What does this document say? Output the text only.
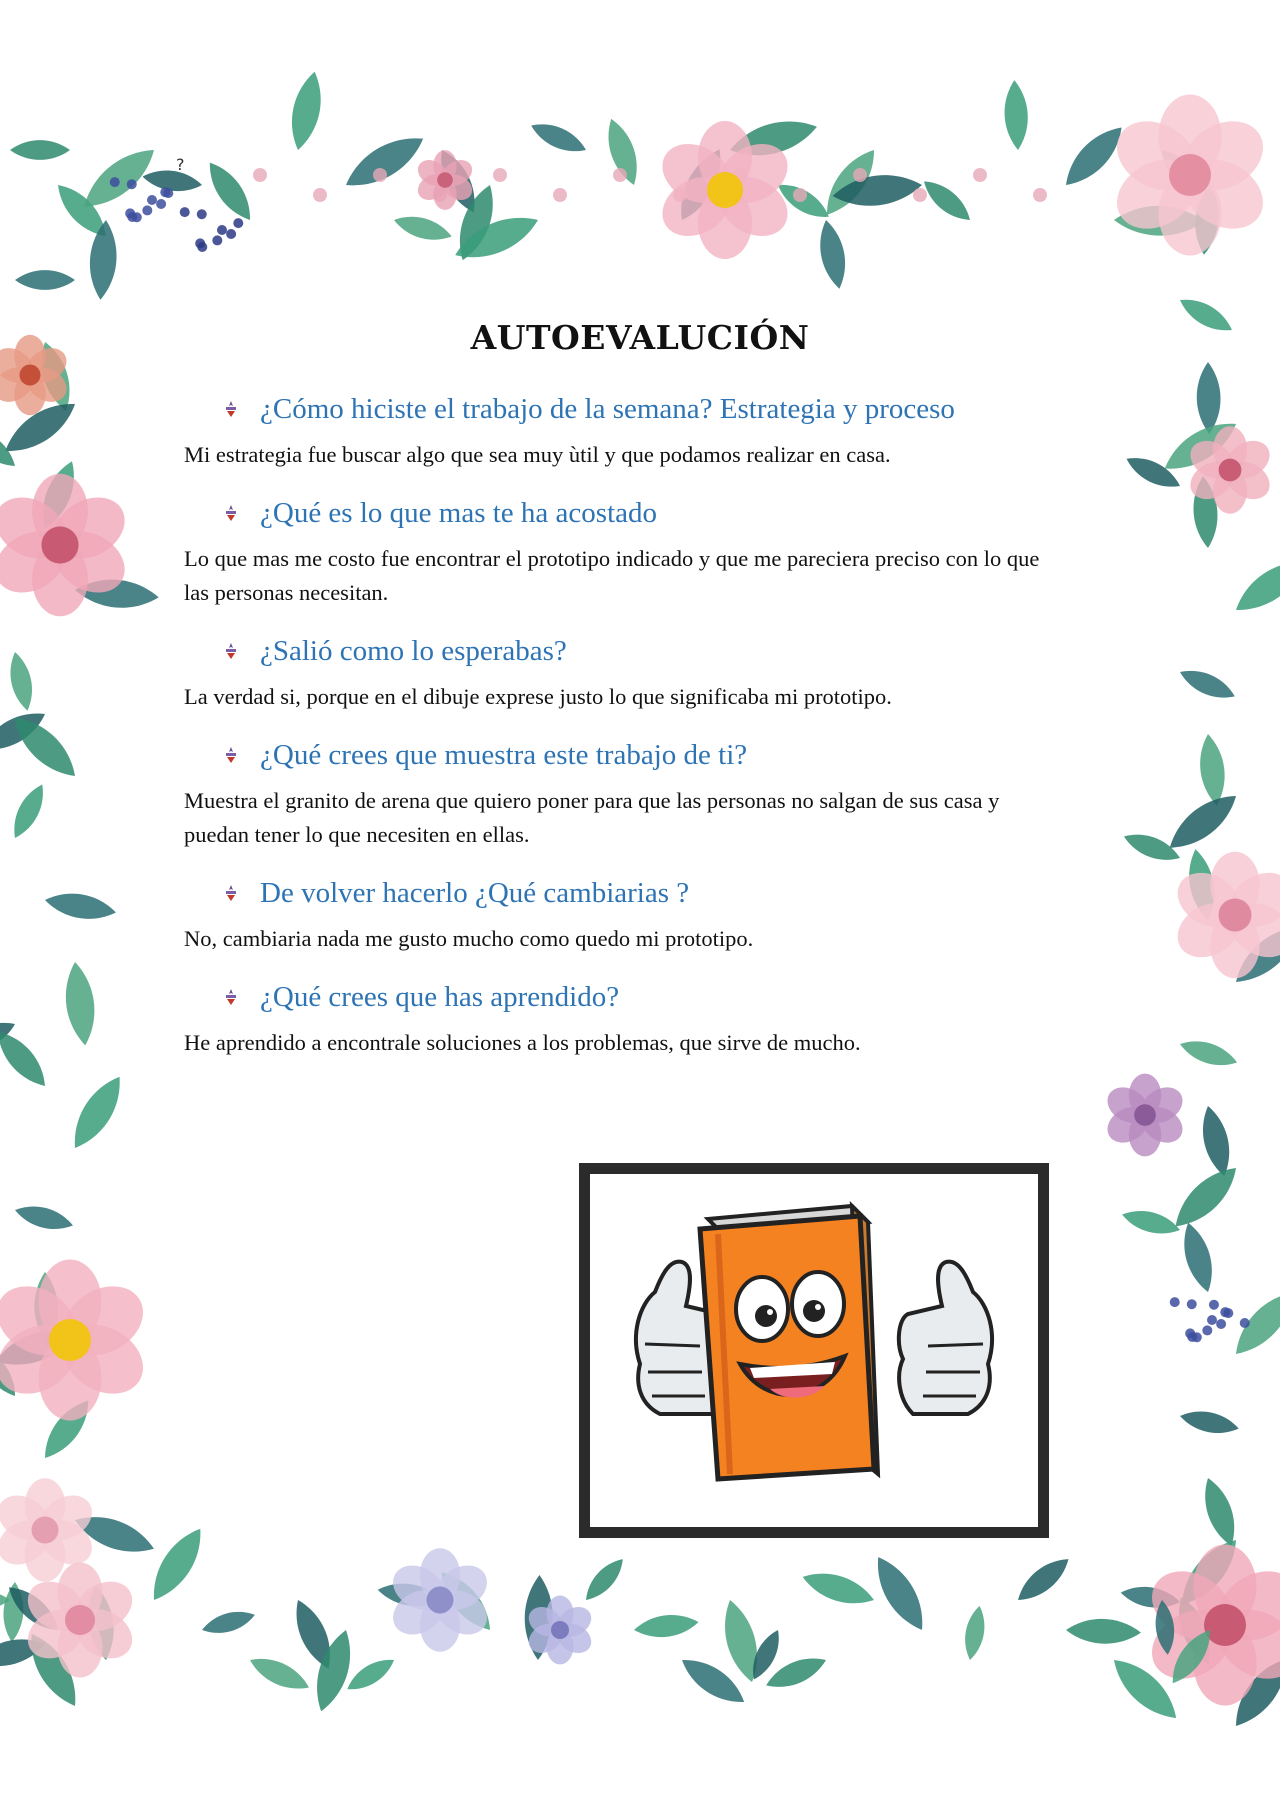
?
AUTOEVALUCIÓN
¿Cómo hiciste el trabajo de la semana? Estrategia y proceso

Mi estrategia fue buscar algo que sea muy ùtil y que podamos realizar en casa.

¿Qué es lo que mas te ha acostado

Lo que mas me costo fue encontrar el prototipo indicado y que me pareciera preciso con lo que las personas necesitan.

¿Salió como lo esperabas?

La verdad si, porque en el dibuje exprese justo lo que significaba mi prototipo.

¿Qué crees que muestra este trabajo de ti?

Muestra el granito de arena que quiero poner para que las personas no salgan de sus casa y puedan tener lo que necesiten en ellas.

De volver hacerlo ¿Qué cambiarias ?

No, cambiaria nada me gusto mucho como quedo mi prototipo.

¿Qué crees que has aprendido?

He aprendido a encontrale soluciones a los problemas, que sirve de mucho.
